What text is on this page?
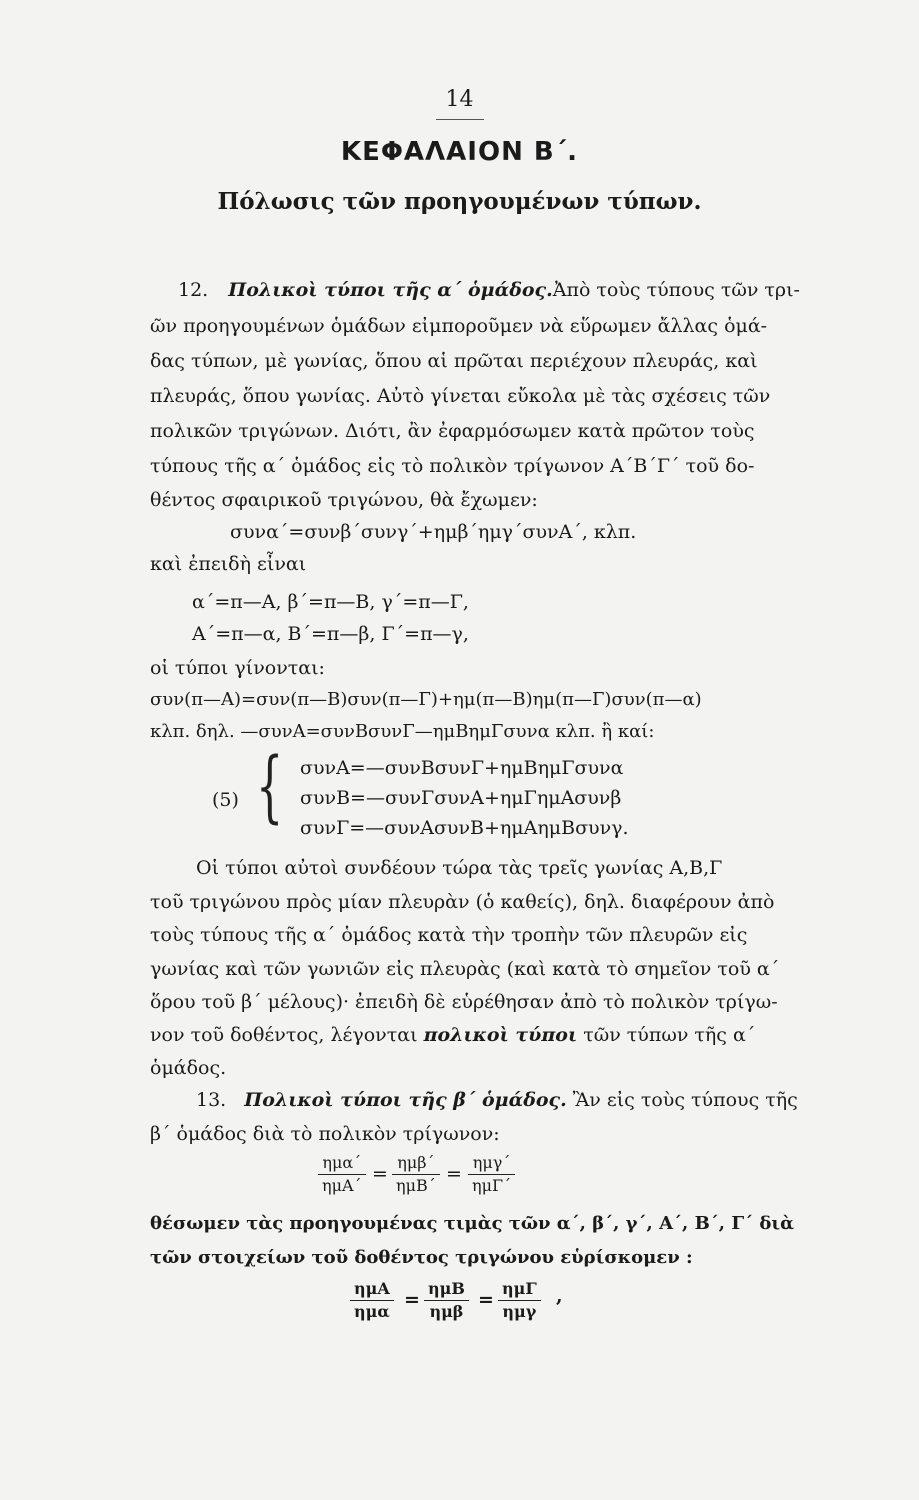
14
ΚΕΦΑΛΑΙΟΝ Β΄.
Πόλωσις τῶν προηγουμένων τύπων.
12. Πολικοὶ τύποι τῆς α΄ ὁμάδος.Ἀπὸ τοὺς τύπους τῶν τρι-
ῶν προηγουμένων ὁμάδων εἰμποροῦμεν νὰ εὕρωμεν ἄλλας ὁμά-
δας τύπων, μὲ γωνίας, ὅπου αἱ πρῶται περιέχουν πλευράς, καὶ
πλευράς, ὅπου γωνίας. Αὐτὸ γίνεται εὔκολα μὲ τὰς σχέσεις τῶν
πολικῶν τριγώνων. Διότι, ἂν ἐφαρμόσωμεν κατὰ πρῶτον τοὺς
τύπους τῆς α΄ ὁμάδος εἰς τὸ πολικὸν τρίγωνον Α΄Β΄Γ΄ τοῦ δο-
θέντος σφαιρικοῦ τριγώνου, θὰ ἔχωμεν:
συνα΄=συνβ΄συνγ΄+ημβ΄ημγ΄συνΑ΄, κλπ.
καὶ ἐπειδὴ εἶναι
α΄=π—Α, β΄=π—Β, γ΄=π—Γ,
Α΄=π—α, Β΄=π—β, Γ΄=π—γ,
οἱ τύποι γίνονται:
συν(π—Α)=συν(π—Β)συν(π—Γ)+ημ(π—Β)ημ(π—Γ)συν(π—α)
κλπ. δηλ. —συνΑ=συνΒσυνΓ—ημΒημΓσυνα κλπ. ἢ καί:
(5) { συνΑ=—συνΒσυνΓ+ημΒημΓσυνα
συνΒ=—συνΓσυνΑ+ημΓημΑσυνβ
συνΓ=—συνΑσυνΒ+ημΑημΒσυνγ.
Οἱ τύποι αὐτοὶ συνδέουν τώρα τὰς τρεῖς γωνίας Α,Β,Γ
τοῦ τριγώνου πρὸς μίαν πλευρὰν (ὁ καθείς), δηλ. διαφέρουν ἀπὸ
τοὺς τύπους τῆς α΄ ὁμάδος κατὰ τὴν τροπὴν τῶν πλευρῶν εἰς
γωνίας καὶ τῶν γωνιῶν εἰς πλευρὰς (καὶ κατὰ τὸ σημεῖον τοῦ α΄
ὅρου τοῦ β΄ μέλους)· ἐπειδὴ δὲ εὑρέθησαν ἀπὸ τὸ πολικὸν τρίγω-
νον τοῦ δοθέντος, λέγονται πολικοὶ τύποι τῶν τύπων τῆς α΄
ὁμάδος.
13. Πολικοὶ τύποι τῆς β΄ ὁμάδος. Ἂν εἰς τοὺς τύπους τῆς
β΄ ὁμάδος διὰ τὸ πολικὸν τρίγωνον:
ημα΄
ημΑ΄
=
ημβ΄
ημΒ΄
=
ημγ΄
ημΓ΄
θέσωμεν τὰς προηγουμένας τιμὰς τῶν α΄, β΄, γ΄, Α΄, Β΄, Γ΄ διὰ
τῶν στοιχείων τοῦ δοθέντος τριγώνου εὑρίσκομεν :
ημΑ
ημα
=
ημΒ
ημβ
=
ημΓ
ημγ
,
